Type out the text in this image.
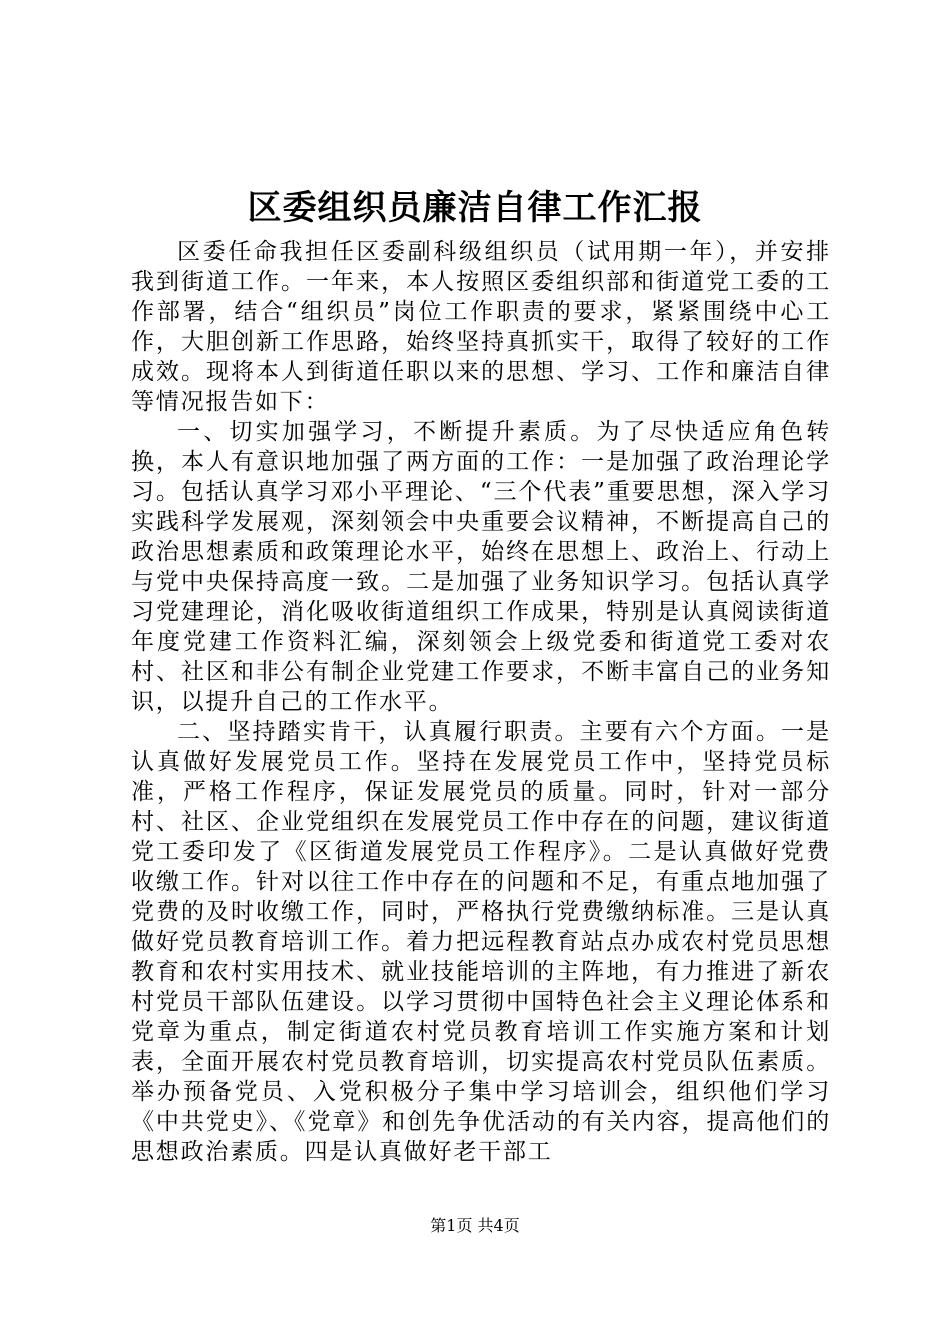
区委组织员廉洁自律工作汇报

区委任命我担任区委副科级组织员（试用期一年），并安排我到街道工作。一年来，本人按照区委组织部和街道党工委的工作部署，结合“组织员”岗位工作职责的要求，紧紧围绕中心工作，大胆创新工作思路，始终坚持真抓实干，取得了较好的工作成效。现将本人到街道任职以来的思想、学习、工作和廉洁自律等情况报告如下：

一、切实加强学习，不断提升素质。为了尽快适应角色转换，本人有意识地加强了两方面的工作：一是加强了政治理论学习。包括认真学习邓小平理论、“三个代表”重要思想，深入学习实践科学发展观，深刻领会中央重要会议精神，不断提高自己的政治思想素质和政策理论水平，始终在思想上、政治上、行动上与党中央保持高度一致。二是加强了业务知识学习。包括认真学习党建理论，消化吸收街道组织工作成果，特别是认真阅读街道年度党建工作资料汇编，深刻领会上级党委和街道党工委对农村、社区和非公有制企业党建工作要求，不断丰富自己的业务知识，以提升自己的工作水平。

二、坚持踏实肯干，认真履行职责。主要有六个方面。一是认真做好发展党员工作。坚持在发展党员工作中，坚持党员标准，严格工作程序，保证发展党员的质量。同时，针对一部分村、社区、企业党组织在发展党员工作中存在的问题，建议街道党工委印发了《区街道发展党员工作程序》。二是认真做好党费收缴工作。针对以往工作中存在的问题和不足，有重点地加强了党费的及时收缴工作，同时，严格执行党费缴纳标准。三是认真做好党员教育培训工作。着力把远程教育站点办成农村党员思想教育和农村实用技术、就业技能培训的主阵地，有力推进了新农村党员干部队伍建设。以学习贯彻中国特色社会主义理论体系和党章为重点，制定街道农村党员教育培训工作实施方案和计划表，全面开展农村党员教育培训，切实提高农村党员队伍素质。举办预备党员、入党积极分子集中学习培训会，组织他们学习《中共党史》、《党章》和创先争优活动的有关内容，提高他们的思想政治素质。四是认真做好老干部工

第1页 共4页
